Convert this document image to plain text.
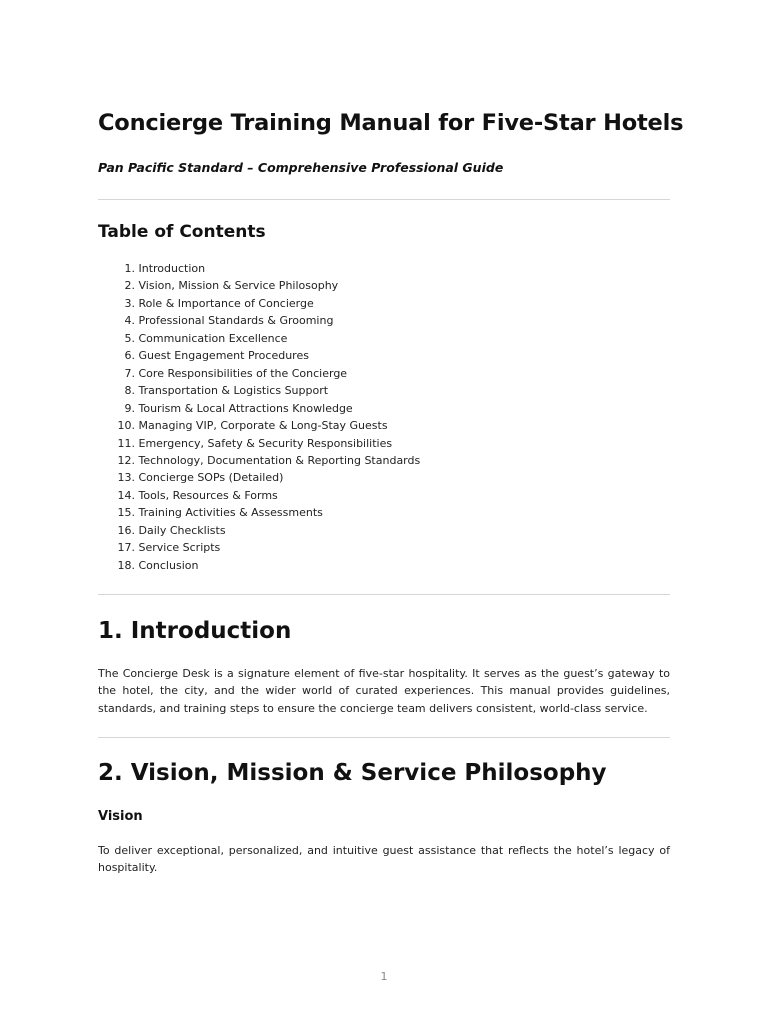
Concierge Training Manual for Five-Star Hotels

Pan Pacific Standard – Comprehensive Professional Guide

Table of Contents
1.
Introduction
2.
Vision, Mission & Service Philosophy
3.
Role & Importance of Concierge
4.
Professional Standards & Grooming
5.
Communication Excellence
6.
Guest Engagement Procedures
7.
Core Responsibilities of the Concierge
8.
Transportation & Logistics Support
9.
Tourism & Local Attractions Knowledge
10.
Managing VIP, Corporate & Long-Stay Guests
11.
Emergency, Safety & Security Responsibilities
12.
Technology, Documentation & Reporting Standards
13.
Concierge SOPs (Detailed)
14.
Tools, Resources & Forms
15.
Training Activities & Assessments
16.
Daily Checklists
17.
Service Scripts
18.
Conclusion
1. Introduction

The Concierge Desk is a signature element of five-star hospitality. It serves as the guest’s gateway to the hotel, the city, and the wider world of curated experiences. This manual provides guidelines, standards, and training steps to ensure the concierge team delivers consistent, world-class service.

2. Vision, Mission & Service Philosophy
Vision

To deliver exceptional, personalized, and intuitive guest assistance that reflects the hotel’s legacy of hospitality.

1
